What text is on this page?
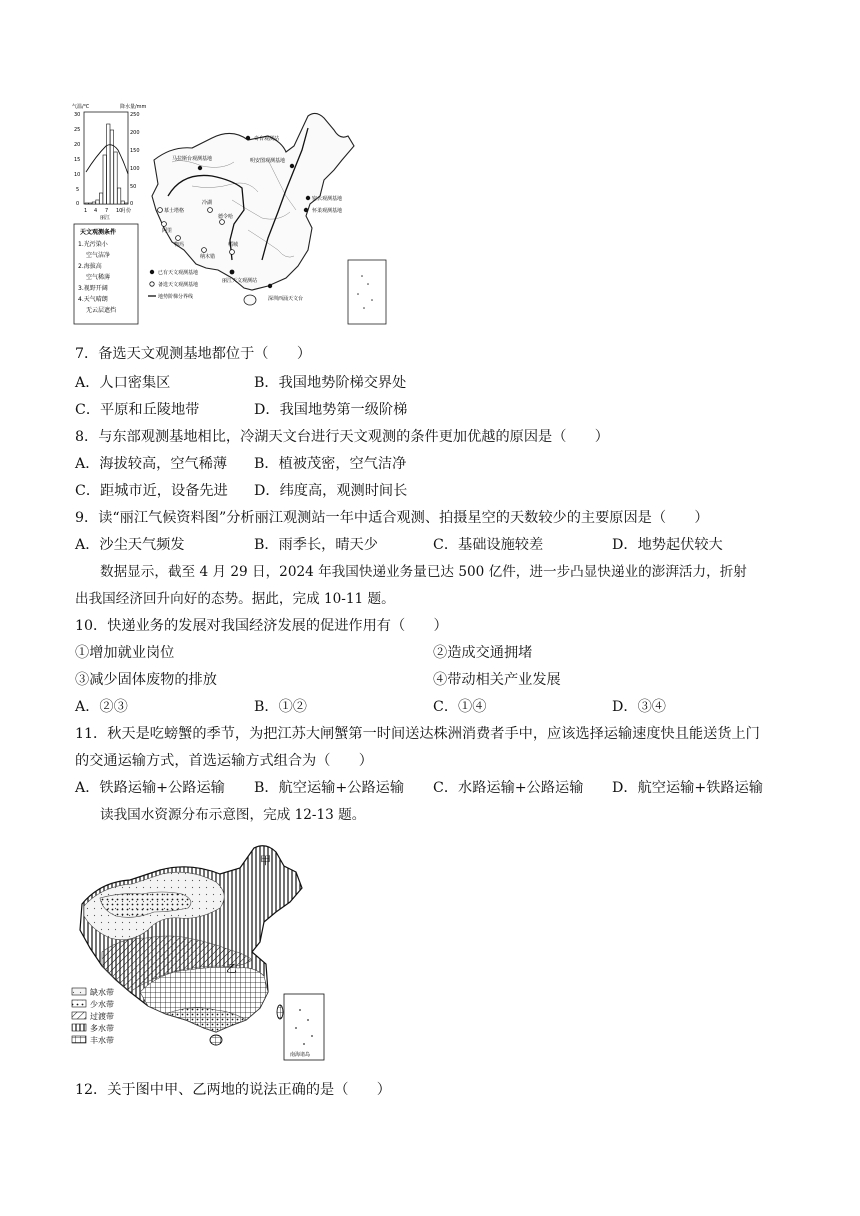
气温/℃	降水量/mm
30
25
20
15
10
5
0
250
200
150
100
50
0
1 4 7 10
月份
丽江
天文观测条件
1.光污染小
空气洁净
2.海拔高
空气稀薄
3.视野开阔
4.天气晴朗
无云层遮挡
奇台观测站
马拉斯台观测基地	明安图观测基地
密云观测基地
怀柔观测基地
慕士塔格
阿里
冷湖
德令哈
物玛
纳木错
丽江天文观测站
深圳西涌天文台
稻城
已有天文观测基地
备选天文观测基地
地势阶梯分界线
7．备选天文观测基地都位于（　　）
A．人口密集区	B．我国地势阶梯交界处
C．平原和丘陵地带	D．我国地势第一级阶梯
8．与东部观测基地相比，冷湖天文台进行天文观测的条件更加优越的原因是（　　）
A．海拔较高，空气稀薄 B．植被茂密，空气洁净
C．距城市近，设备先进 D．纬度高，观测时间长
9．读“丽江气候资料图”分析丽江观测站一年中适合观测、拍摄星空的天数较少的主要原因是（　　）
A．沙尘天气频发	B．雨季长，晴天少	C．基础设施较差	D．地势起伏较大
数据显示，截至 4 月 29 日，2024 年我国快递业务量已达 500 亿件，进一步凸显快递业的澎湃活力，折射
出我国经济回升向好的态势。据此，完成 10-11 题。
10．快递业务的发展对我国经济发展的促进作用有（　　）
①增加就业岗位	②造成交通拥堵
③减少固体废物的排放	④带动相关产业发展
A．②③	B．①②	C．①④	D．③④
11．秋天是吃螃蟹的季节，为把江苏大闸蟹第一时间送达株洲消费者手中，应该选择运输速度快且能送货上门
的交通运输方式，首选运输方式组合为（　　）
A．铁路运输+公路运输 B．航空运输+公路运输 C．水路运输+公路运输 D．航空运输+铁路运输
读我国水资源分布示意图，完成 12-13 题。
甲
乙
缺水带
少水带
过渡带
多水带
丰水带
南海诸岛
12．关于图中甲、乙两地的说法正确的是（　　）
